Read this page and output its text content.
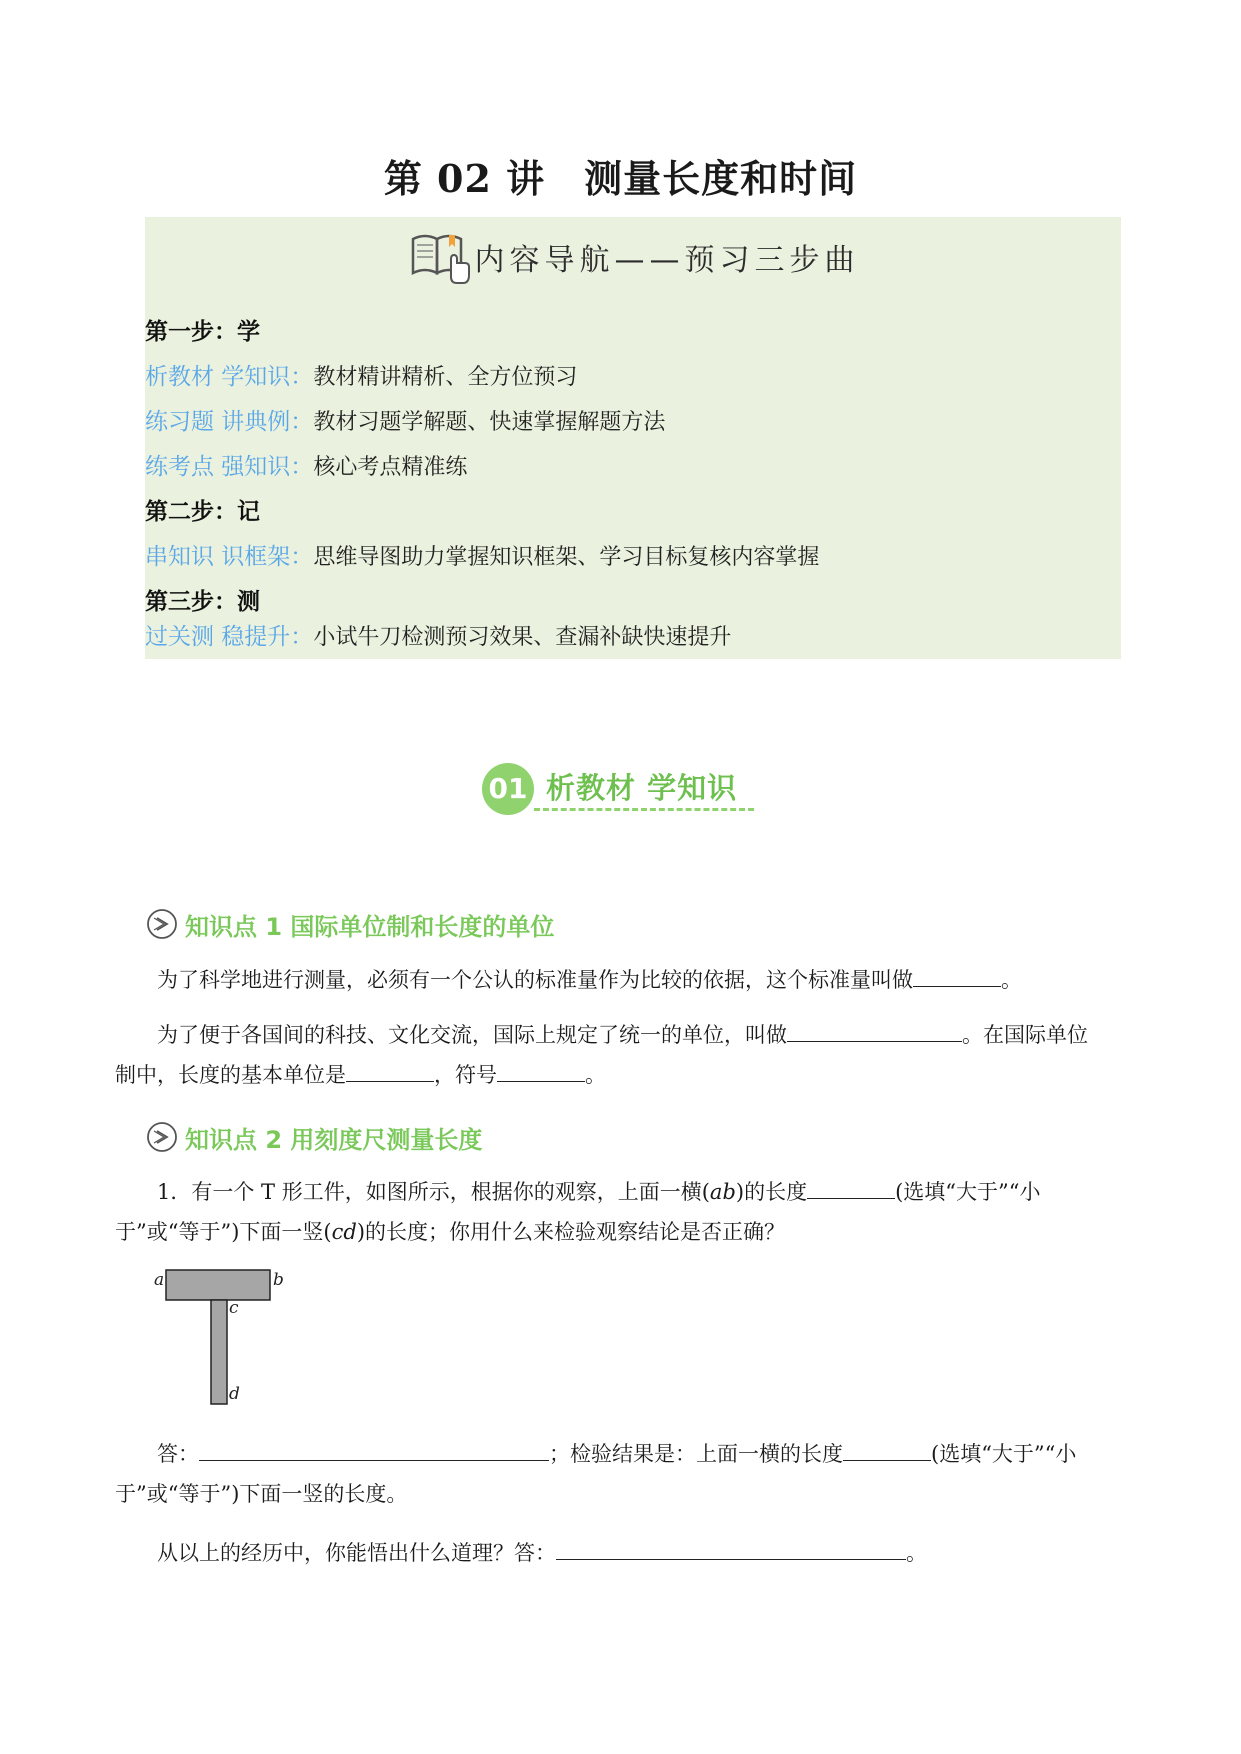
第 02 讲　测量长度和时间
内容导航——预习三步曲
第一步：学
析教材 学知识：教材精讲精析、全方位预习
练习题 讲典例：教材习题学解题、快速掌握解题方法
练考点 强知识：核心考点精准练
第二步：记
串知识 识框架：思维导图助力掌握知识框架、学习目标复核内容掌握
第三步：测
过关测 稳提升：小试牛刀检测预习效果、查漏补缺快速提升
01 析教材 学知识
知识点 1 国际单位制和长度的单位
为了科学地进行测量，必须有一个公认的标准量作为比较的依据，这个标准量叫做	。
为了便于各国间的科技、文化交流，国际上规定了统一的单位，叫做	。在国际单位
制中，长度的基本单位是	，符号	。
知识点 2 用刻度尺测量长度
1．有一个 T 形工件，如图所示，根据你的观察，上面一横(ab)的长度	(选填“大于”“小
于”或“等于”)下面一竖(cd)的长度；你用什么来检验观察结论是否正确？
a	b
c
d
答：	；检验结果是：上面一横的长度	(选填“大于”“小
于”或“等于”)下面一竖的长度。
从以上的经历中，你能悟出什么道理？答：	。
